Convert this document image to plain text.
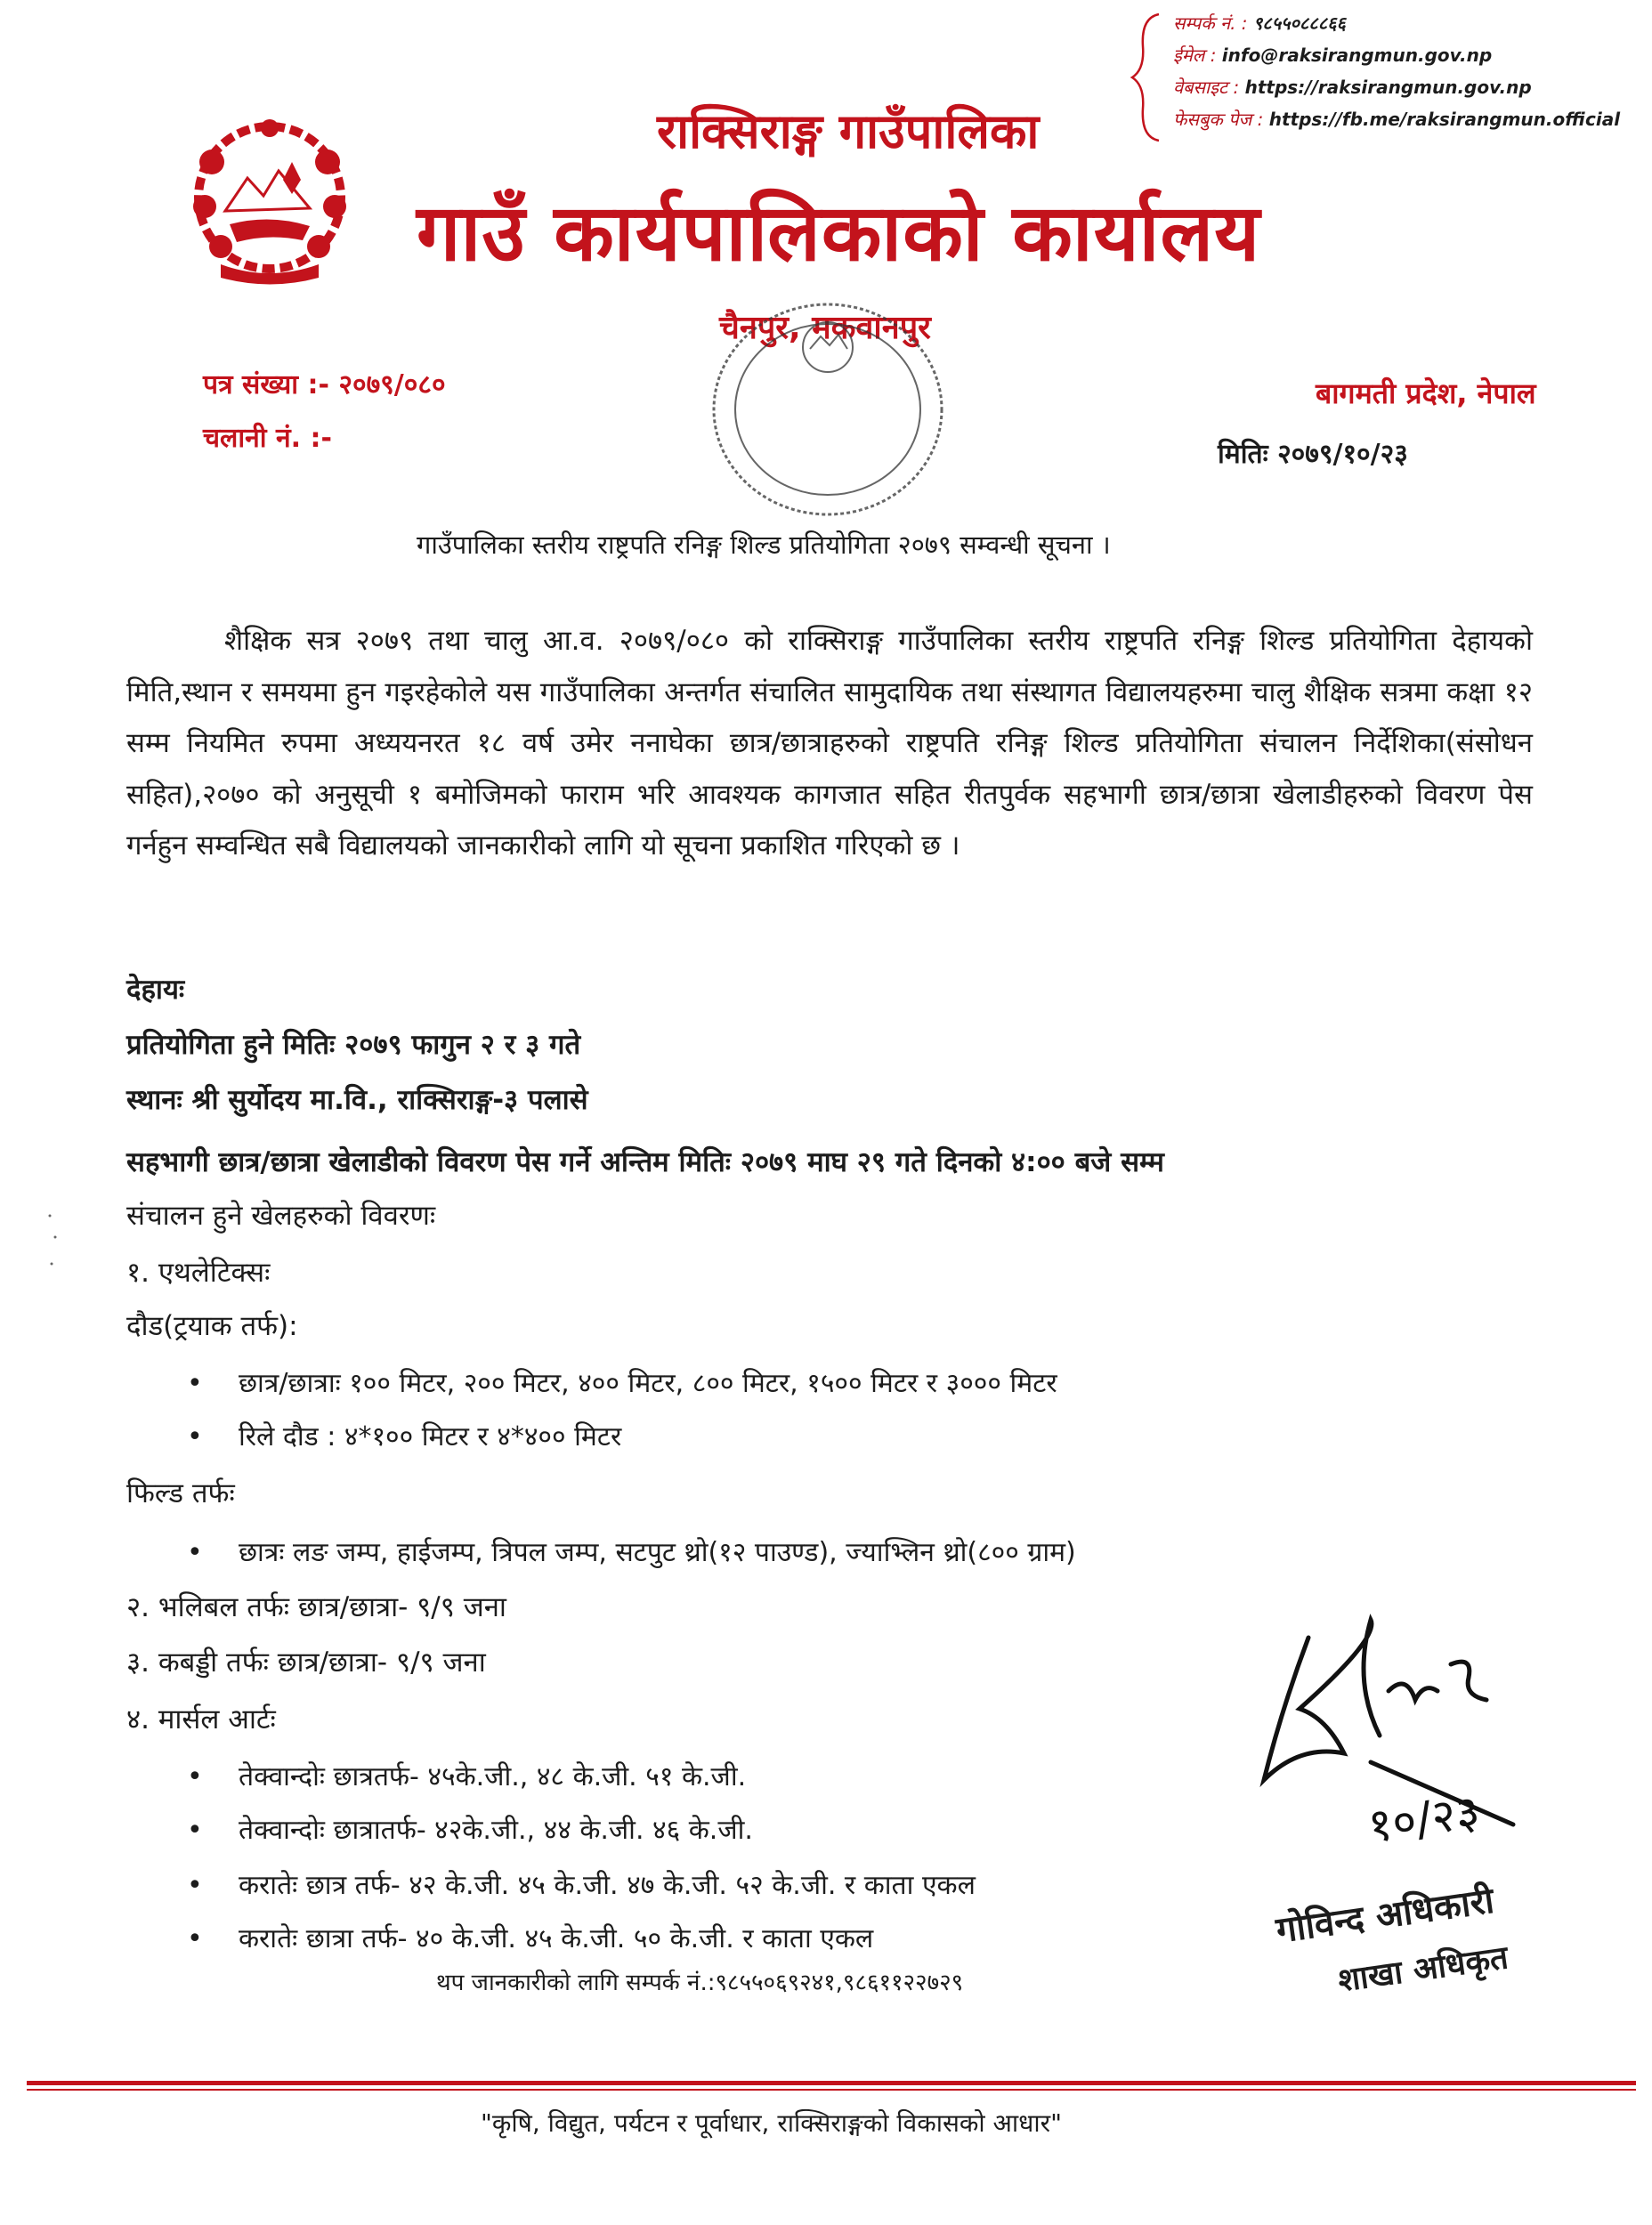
सम्पर्क नं. : ९८५५०८८८६६
ईमेल : info@raksirangmun.gov.np
वेबसाइट : https://raksirangmun.gov.np
फेसबुक पेज : https://fb.me/raksirangmun.official
राक्सिराङ्ग गाउँपालिका
गाउँ कार्यपालिकाको कार्यालय
चैनपुर, मकवानपुर
बागमती प्रदेश, नेपाल
पत्र संख्या :- २०७९/०८०
चलानी नं. :-
मितिः २०७९/१०/२३
गाउँपालिका स्तरीय राष्ट्रपति रनिङ्ग शिल्ड प्रतियोगिता २०७९ सम्वन्धी सूचना ।
शैक्षिक सत्र २०७९ तथा चालु आ.व. २०७९/०८० को राक्सिराङ्ग गाउँपालिका स्तरीय राष्ट्रपति रनिङ्ग शिल्ड प्रतियोगिता देहायको मिति,स्थान र समयमा हुन गइरहेकोले यस गाउँपालिका अन्तर्गत संचालित सामुदायिक तथा संस्थागत विद्यालयहरुमा चालु शैक्षिक सत्रमा कक्षा १२ सम्म नियमित रुपमा अध्ययनरत १८ वर्ष उमेर ननाघेका छात्र/छात्राहरुको राष्ट्रपति रनिङ्ग शिल्ड प्रतियोगिता संचालन निर्देशिका(संसोधन सहित),२०७० को अनुसूची १ बमोजिमको फाराम भरि आवश्यक कागजात सहित रीतपुर्वक सहभागी छात्र/छात्रा खेलाडीहरुको विवरण पेस गर्नहुन सम्वन्धित सबै विद्यालयको जानकारीको लागि यो सूचना प्रकाशित गरिएको छ ।
देहायः
प्रतियोगिता हुने मितिः २०७९ फागुन २ र ३ गते
स्थानः श्री सुर्योदय मा.वि., राक्सिराङ्ग-३ पलासे
सहभागी छात्र/छात्रा खेलाडीको विवरण पेस गर्ने अन्तिम मितिः २०७९ माघ २९ गते दिनको ४:०० बजे सम्म
संचालन हुने खेलहरुको विवरणः
१. एथलेटिक्सः
दौड(ट्रयाक तर्फ):
• छात्र/छात्राः १०० मिटर, २०० मिटर, ४०० मिटर, ८०० मिटर, १५०० मिटर र ३००० मिटर
• रिले दौड : ४*१०० मिटर र ४*४०० मिटर
फिल्ड तर्फः
• छात्रः लङ जम्प, हाईजम्प, त्रिपल जम्प, सटपुट थ्रो(१२ पाउण्ड), ज्याभ्लिन थ्रो(८०० ग्राम)
२. भलिबल तर्फः छात्र/छात्रा- ९/९ जना
३. कबड्डी तर्फः छात्र/छात्रा- ९/९ जना
४. मार्सल आर्टः
• तेक्वान्दोः छात्रतर्फ- ४५के.जी., ४८ के.जी. ५१ के.जी.
• तेक्वान्दोः छात्रातर्फ- ४२के.जी., ४४ के.जी. ४६ के.जी.
• करातेः छात्र तर्फ- ४२ के.जी. ४५ के.जी. ४७ के.जी. ५२ के.जी. र काता एकल
• करातेः छात्रा तर्फ- ४० के.जी. ४५ के.जी. ५० के.जी. र काता एकल
थप जानकारीको लागि सम्पर्क नं.:९८५५०६९२४१,९८६११२२७२९
१०/२३
गोविन्द अधिकारी
शाखा अधिकृत
"कृषि, विद्युत, पर्यटन र पूर्वाधार, राक्सिराङ्गको विकासको आधार"
